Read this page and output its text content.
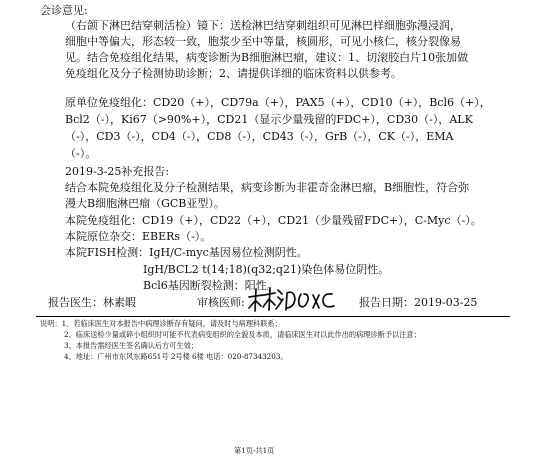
会诊意见:
（右颌下淋巴结穿刺活检）镜下：送检淋巴结穿刺组织可见淋巴样细胞弥漫浸润，
细胞中等偏大，形态较一致，胞浆少至中等量，核圆形，可见小核仁，核分裂像易
见。结合免疫组化结果，病变诊断为B细胞淋巴瘤，建议：1、切滚胶白片10张加做
免疫组化及分子检测协助诊断；2、请提供详细的临床资料以供参考。
原单位免疫组化：CD20（+），CD79a（+），PAX5（+），CD10（+），Bcl6（+），
Bcl2（-），Ki67（>90%+），CD21（显示少量残留的FDC+），CD30（-），ALK
（-），CD3（-），CD4（-），CD8（-），CD43（-），GrB（-），CK（-），EMA
（-）。
2019-3-25补充报告:
结合本院免疫组化及分子检测结果，病变诊断为非霍奇金淋巴瘤，B细胞性，符合弥
漫大B细胞淋巴瘤（GCB亚型）。
本院免疫组化：CD19（+），CD22（+），CD21（少量残留FDC+），C-Myc（-）。
本院原位杂交：EBERs（-）。
本院FISH检测：IgH/C-myc基因易位检测阴性。
IgH/BCL2 t(14;18)(q32;q21)染色体易位阴性。
Bcl6基因断裂检测：阳性。
报告医生：林素暇	审核医师:	报告日期：2019-03-25
说明：1、若临床医生对本报告中病理诊断存有疑问，请及时与病理科联系；
2、临床送检少量或碎小组织时可能不代表病变组织的全貌及本质，请临床医生对以此作出的病理诊断予以注意；
3、本报告需经医生签名确认后方可生效；
4、地址：广州市东风东路651号 2号楼 6楼 电话：020-87343203。
第1页-共1页
